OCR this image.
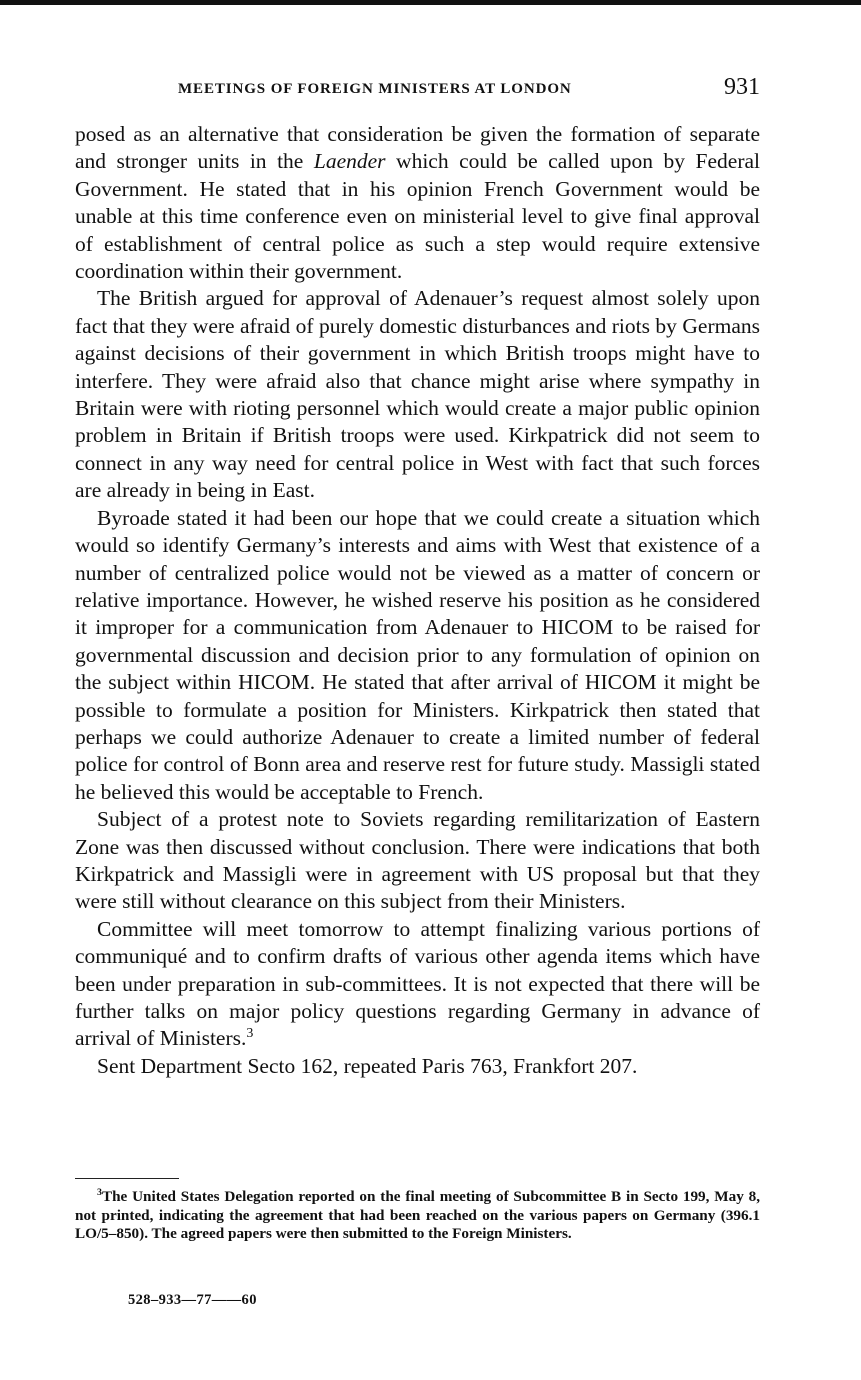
MEETINGS OF FOREIGN MINISTERS AT LONDON	931

posed as an alternative that consideration be given the formation of separate and stronger units in the Laender which could be called upon by Federal Government. He stated that in his opinion French Government would be unable at this time conference even on ministerial level to give final approval of establishment of central police as such a step would require extensive coordination within their government.

The British argued for approval of Adenauer’s request almost solely upon fact that they were afraid of purely domestic disturbances and riots by Germans against decisions of their government in which British troops might have to interfere. They were afraid also that chance might arise where sympathy in Britain were with rioting personnel which would create a major public opinion problem in Britain if British troops were used. Kirkpatrick did not seem to connect in any way need for central police in West with fact that such forces are already in being in East.

Byroade stated it had been our hope that we could create a situation which would so identify Germany’s interests and aims with West that existence of a number of centralized police would not be viewed as a matter of concern or relative importance. However, he wished reserve his position as he considered it improper for a communication from Adenauer to HICOM to be raised for governmental discussion and decision prior to any formulation of opinion on the subject within HICOM. He stated that after arrival of HICOM it might be possible to formulate a position for Ministers. Kirkpatrick then stated that perhaps we could authorize Adenauer to create a limited number of federal police for control of Bonn area and reserve rest for future study. Massigli stated he believed this would be acceptable to French.

Subject of a protest note to Soviets regarding remilitarization of Eastern Zone was then discussed without conclusion. There were indications that both Kirkpatrick and Massigli were in agreement with US proposal but that they were still without clearance on this subject from their Ministers.

Committee will meet tomorrow to attempt finalizing various portions of communiqué and to confirm drafts of various other agenda items which have been under preparation in sub-committees. It is not expected that there will be further talks on major policy questions regarding Germany in advance of arrival of Ministers.$^3$

Sent Department Secto 162, repeated Paris 763, Frankfort 207.

$^3$The United States Delegation reported on the final meeting of Subcommittee B in Secto 199, May 8, not printed, indicating the agreement that had been reached on the various papers on Germany (396.1 LO/5–850). The agreed papers were then submitted to the Foreign Ministers.

528–933—77——60
